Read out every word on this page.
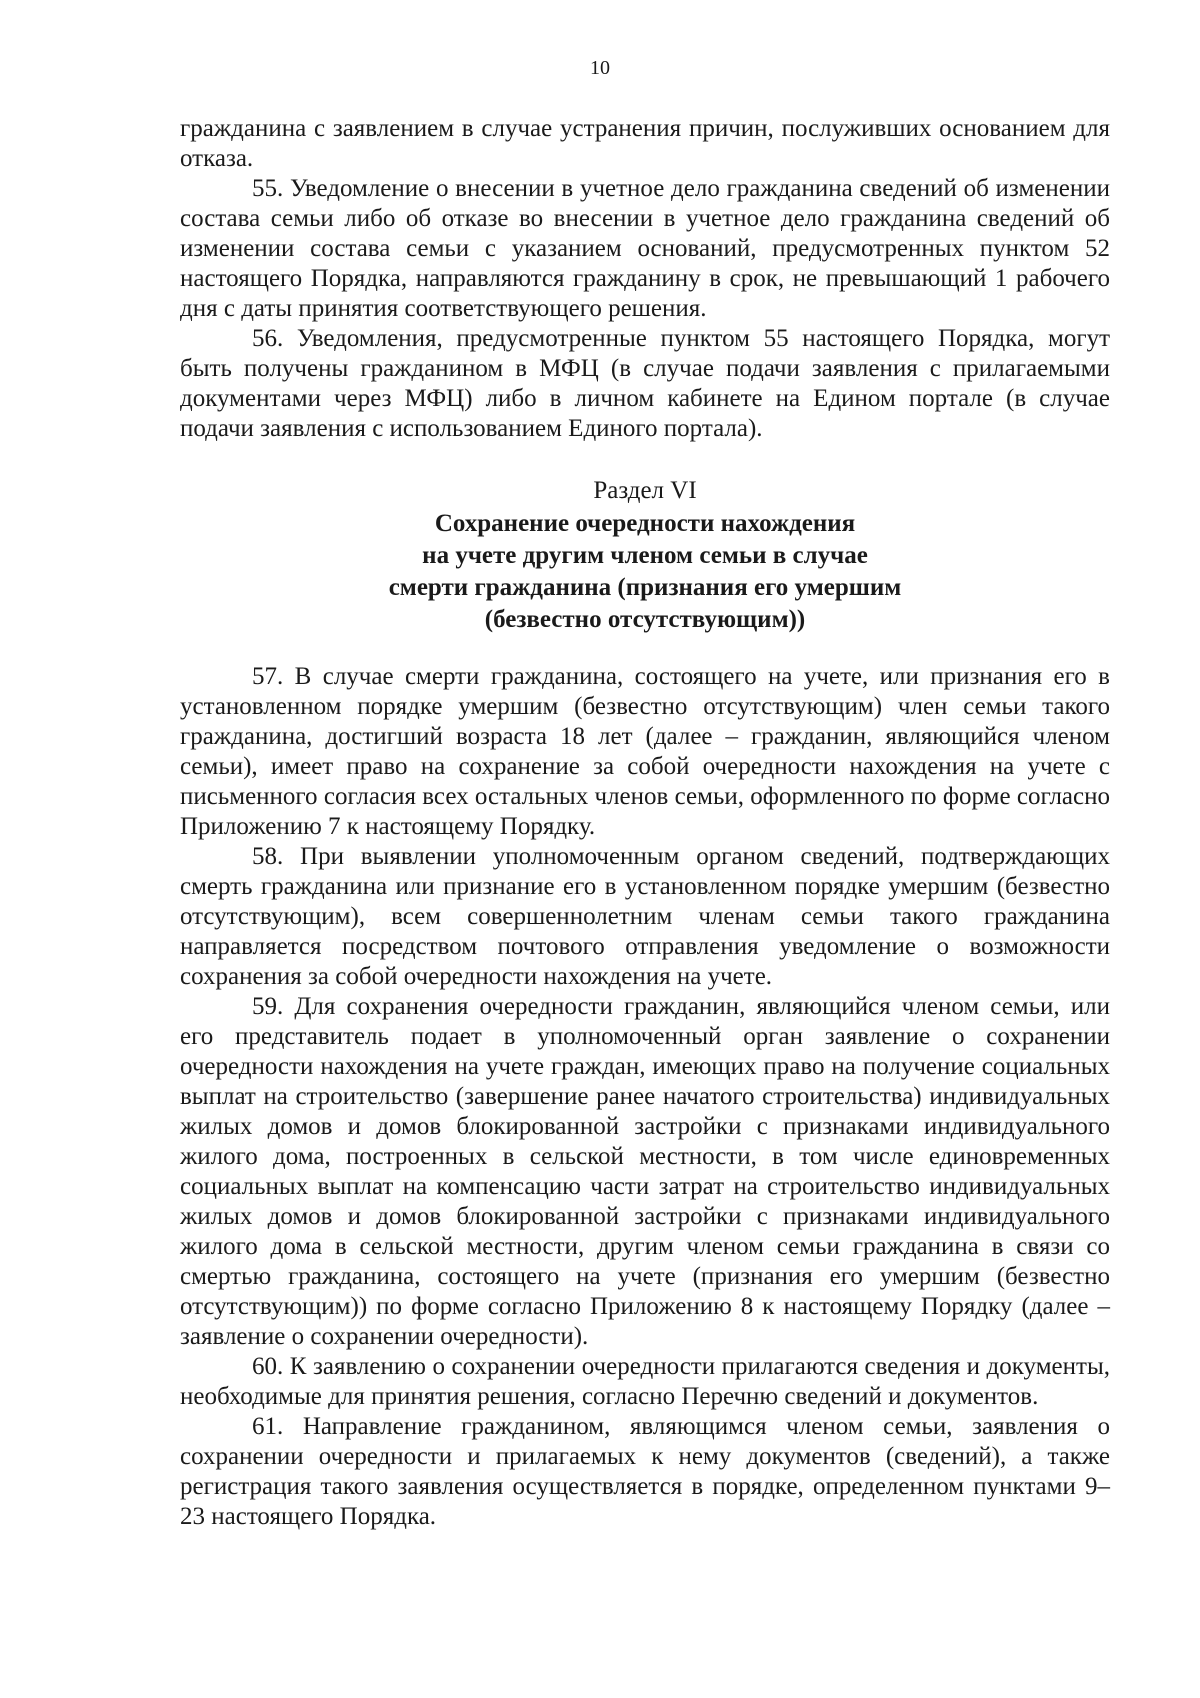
10

гражданина с заявлением в случае устранения причин, послуживших основанием для отказа.

55. Уведомление о внесении в учетное дело гражданина сведений об изменении состава семьи либо об отказе во внесении в учетное дело гражданина сведений об изменении состава семьи с указанием оснований, предусмотренных пунктом 52 настоящего Порядка, направляются гражданину в срок, не превышающий 1 рабочего дня с даты принятия соответствующего решения.

56. Уведомления, предусмотренные пунктом 55 настоящего Порядка, могут быть получены гражданином в МФЦ (в случае подачи заявления с прилагаемыми документами через МФЦ) либо в личном кабинете на Едином портале (в случае подачи заявления с использованием Единого портала).

Раздел VI
Сохранение очередности нахождения
на учете другим членом семьи в случае
смерти гражданина (признания его умершим
(безвестно отсутствующим))

57. В случае смерти гражданина, состоящего на учете, или признания его в установленном порядке умершим (безвестно отсутствующим) член семьи такого гражданина, достигший возраста 18 лет (далее – гражданин, являющийся членом семьи), имеет право на сохранение за собой очередности нахождения на учете с письменного согласия всех остальных членов семьи, оформленного по форме согласно Приложению 7 к настоящему Порядку.

58. При выявлении уполномоченным органом сведений, подтверждающих смерть гражданина или признание его в установленном порядке умершим (безвестно отсутствующим), всем совершеннолетним членам семьи такого гражданина направляется посредством почтового отправления уведомление о возможности сохранения за собой очередности нахождения на учете.

59. Для сохранения очередности гражданин, являющийся членом семьи, или его представитель подает в уполномоченный орган заявление о сохранении очередности нахождения на учете граждан, имеющих право на получение социальных выплат на строительство (завершение ранее начатого строительства) индивидуальных жилых домов и домов блокированной застройки с признаками индивидуального жилого дома, построенных в сельской местности, в том числе единовременных социальных выплат на компенсацию части затрат на строительство индивидуальных жилых домов и домов блокированной застройки с признаками индивидуального жилого дома в сельской местности, другим членом семьи гражданина в связи со смертью гражданина, состоящего на учете (признания его умершим (безвестно отсутствующим)) по форме согласно Приложению 8 к настоящему Порядку (далее – заявление о сохранении очередности).

60. К заявлению о сохранении очередности прилагаются сведения и документы, необходимые для принятия решения, согласно Перечню сведений и документов.

61. Направление гражданином, являющимся членом семьи, заявления о сохранении очередности и прилагаемых к нему документов (сведений), а также регистрация такого заявления осуществляется в порядке, определенном пунктами 9–23 настоящего Порядка.
